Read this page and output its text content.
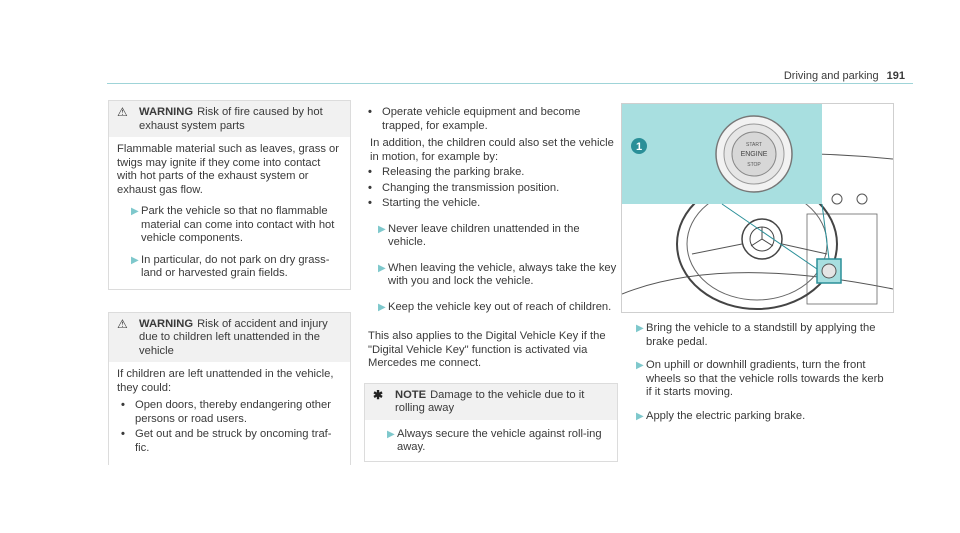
Driving and parking 191
⚠	WARNING Risk of fire caused by hot exhaust system parts

Flammable material such as leaves, grass or twigs may ignite if they come into contact with hot parts of the exhaust system or exhaust gas flow.

▶ Park the vehicle so that no flammable material can come into contact with hot vehicle components.
▶ In particular, do not park on dry grass-land or harvested grain fields.
⚠	WARNING Risk of accident and injury due to children left unattended in the vehicle

If children are left unattended in the vehicle, they could:

• Open doors, thereby endangering other persons or road users.
• Get out and be struck by oncoming traf-fic.
• Operate vehicle equipment and become trapped, for example.

In addition, the children could also set the vehicle in motion, for example by:

• Releasing the parking brake.
• Changing the transmission position.
• Starting the vehicle.
▶ Never leave children unattended in the vehicle.
▶ When leaving the vehicle, always take the key with you and lock the vehicle.
▶ Keep the vehicle key out of reach of children.

This also applies to the Digital Vehicle Key if the "Digital Vehicle Key" function is activated via Mercedes me connect.

✱	NOTE Damage to the vehicle due to it rolling away
▶ Always secure the vehicle against roll-ing away.
START
ENGINE
STOP
1
▶ Bring the vehicle to a standstill by applying the brake pedal.
▶ On uphill or downhill gradients, turn the front wheels so that the vehicle rolls towards the kerb if it starts moving.
▶ Apply the electric parking brake.
